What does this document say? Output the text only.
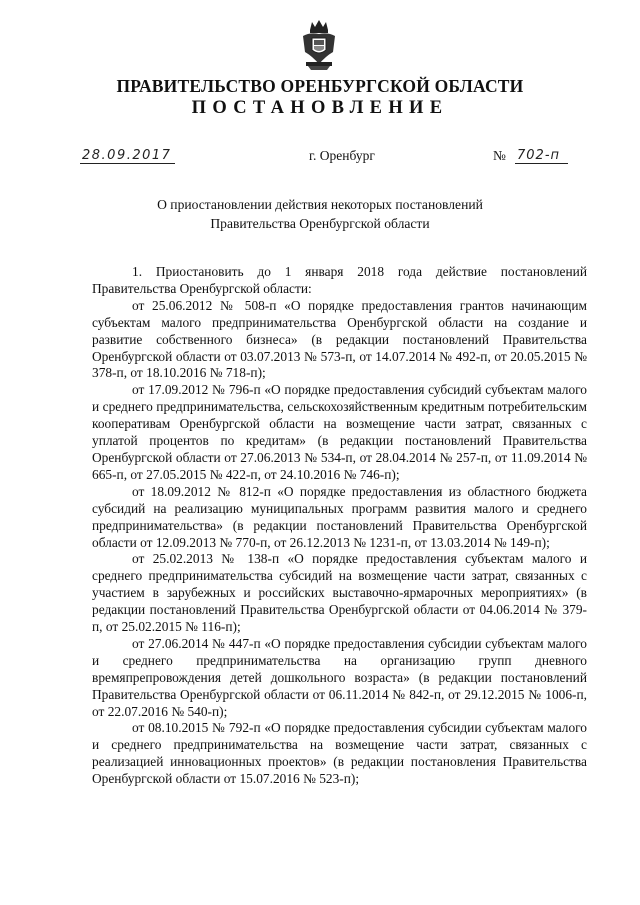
ПРАВИТЕЛЬСТВО ОРЕНБУРГСКОЙ ОБЛАСТИ
ПОСТАНОВЛЕНИЕ
28.09.2017	г. Оренбург	№ 702-п
О приостановлении действия некоторых постановлений
Правительства Оренбургской области

1. Приостановить до 1 января 2018 года действие постановлений Правительства Оренбургской области:

от 25.06.2012 № 508-п «О порядке предоставления грантов начинающим субъектам малого предпринимательства Оренбургской области на создание и развитие собственного бизнеса» (в редакции постановлений Правительства Оренбургской области от 03.07.2013 № 573-п, от 14.07.2014 № 492-п, от 20.05.2015 № 378-п, от 18.10.2016 № 718-п);

от 17.09.2012 № 796-п «О порядке предоставления субсидий субъектам малого и среднего предпринимательства, сельскохозяйственным кредитным потребительским кооперативам Оренбургской области на возмещение части затрат, связанных с уплатой процентов по кредитам» (в редакции постановлений Правительства Оренбургской области от 27.06.2013 № 534-п, от 28.04.2014 № 257-п, от 11.09.2014 № 665-п, от 27.05.2015 № 422-п, от 24.10.2016 № 746-п);

от 18.09.2012 № 812-п «О порядке предоставления из областного бюджета субсидий на реализацию муниципальных программ развития малого и среднего предпринимательства» (в редакции постановлений Правительства Оренбургской области от 12.09.2013 № 770-п, от 26.12.2013 № 1231-п, от 13.03.2014 № 149-п);

от 25.02.2013 № 138-п «О порядке предоставления субъектам малого и среднего предпринимательства субсидий на возмещение части затрат, связанных с участием в зарубежных и российских выставочно-ярмарочных мероприятиях» (в редакции постановлений Правительства Оренбургской области от 04.06.2014 № 379-п, от 25.02.2015 № 116-п);

от 27.06.2014 № 447-п «О порядке предоставления субсидии субъектам малого и среднего предпринимательства на организацию групп дневного времяпрепровождения детей дошкольного возраста» (в редакции постановлений Правительства Оренбургской области от 06.11.2014 № 842-п, от 29.12.2015 № 1006-п, от 22.07.2016 № 540-п);

от 08.10.2015 № 792-п «О порядке предоставления субсидии субъектам малого и среднего предпринимательства на возмещение части затрат, связанных с реализацией инновационных проектов» (в редакции постановления Правительства Оренбургской области от 15.07.2016 № 523-п);
